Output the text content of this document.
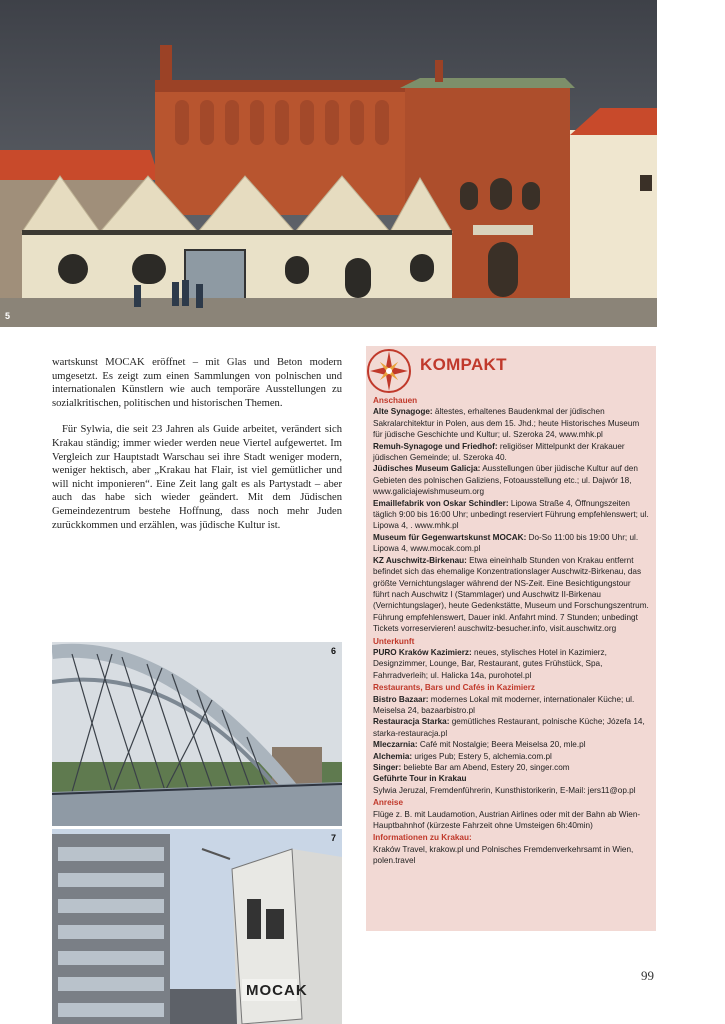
5

wartskunst MOCAK eröffnet – mit Glas und Beton modern umgesetzt. Es zeigt zum einen Sammlungen von polnischen und internationalen Künstlern wie auch temporäre Ausstellungen zu sozialkritischen, politischen und historischen Themen.

Für Sylwia, die seit 23 Jahren als Guide arbeitet, verändert sich Krakau ständig; immer wieder werden neue Viertel aufgewertet. Im Vergleich zur Hauptstadt Warschau sei ihre Stadt weniger modern, weniger hektisch, aber „Krakau hat Flair, ist viel gemütlicher und will nicht imponieren“. Eine Zeit lang galt es als Partystadt – aber auch das habe sich wieder geändert. Mit dem Jüdischen Gemeindezentrum bestehe Hoffnung, dass noch mehr Juden zurückkommen und erzählen, was jüdische Kultur ist.

KOMPAKT
Anschauen
Alte Synagoge: ältestes, erhaltenes Baudenkmal der jüdischen Sakralarchitektur in Polen, aus dem 15. Jhd.; heute Historisches Museum für jüdische Geschichte und Kultur; ul. Szeroka 24, www.mhk.pl
Remuh-Synagoge und Friedhof: religiöser Mittelpunkt der Krakauer jüdischen Gemeinde; ul. Szeroka 40.
Jüdisches Museum Galicja: Ausstellungen über jüdische Kultur auf den Gebieten des polnischen Galiziens, Fotoausstellung etc.; ul. Dajwór 18, www.galiciajewishmuseum.org
Emaillefabrik von Oskar Schindler: Lipowa Straße 4, Öffnungszeiten täglich 9:00 bis 16:00 Uhr; unbedingt reserviert Führung empfehlenswert; ul. Lipowa 4, . www.mhk.pl
Museum für Gegenwartskunst MOCAK: Do-So 11:00 bis 19:00 Uhr; ul. Lipowa 4, www.mocak.com.pl
KZ Auschwitz-Birkenau: Etwa eineinhalb Stunden von Krakau entfernt befindet sich das ehemalige Konzentrationslager Auschwitz-Birkenau, das größte Vernichtungslager während der NS-Zeit. Eine Besichtigungstour führt nach Auschwitz I (Stammlager) und Auschwitz II-Birkenau (Vernichtungslager), heute Gedenkstätte, Museum und Forschungszentrum. Führung empfehlenswert, Dauer inkl. Anfahrt mind. 7 Stunden; unbedingt Tickets vorreservieren! auschwitz-besucher.info, visit.auschwitz.org
Unterkunft
PURO Kraków Kazimierz: neues, stylisches Hotel in Kazimierz, Designzimmer, Lounge, Bar, Restaurant, gutes Frühstück, Spa, Fahrradverleih; ul. Halicka 14a, purohotel.pl
Restaurants, Bars und Cafés in Kazimierz
Bistro Bazaar: modernes Lokal mit moderner, internationaler Küche; ul. Meiselsa 24, bazaarbistro.pl
Restauracja Starka: gemütliches Restaurant, polnische Küche; Józefa 14, starka-restauracja.pl
Mleczarnia: Café mit Nostalgie; Beera Meiselsa 20, mle.pl
Alchemia: uriges Pub; Estery 5, alchemia.com.pl
Singer: beliebte Bar am Abend, Estery 20, singer.com
Geführte Tour in Krakau
Sylwia Jeruzal, Fremdenführerin, Kunsthistorikerin, E-Mail: jers11@op.pl
Anreise
Flüge z. B. mit Laudamotion, Austrian Airlines oder mit der Bahn ab Wien-Hauptbahnhof (kürzeste Fahrzeit ohne Umsteigen 6h:40min)
Informationen zu Krakau:
Kraków Travel, krakow.pl und Polnisches Fremdenverkehrsamt in Wien, polen.travel
6
MOCAK
7
99
